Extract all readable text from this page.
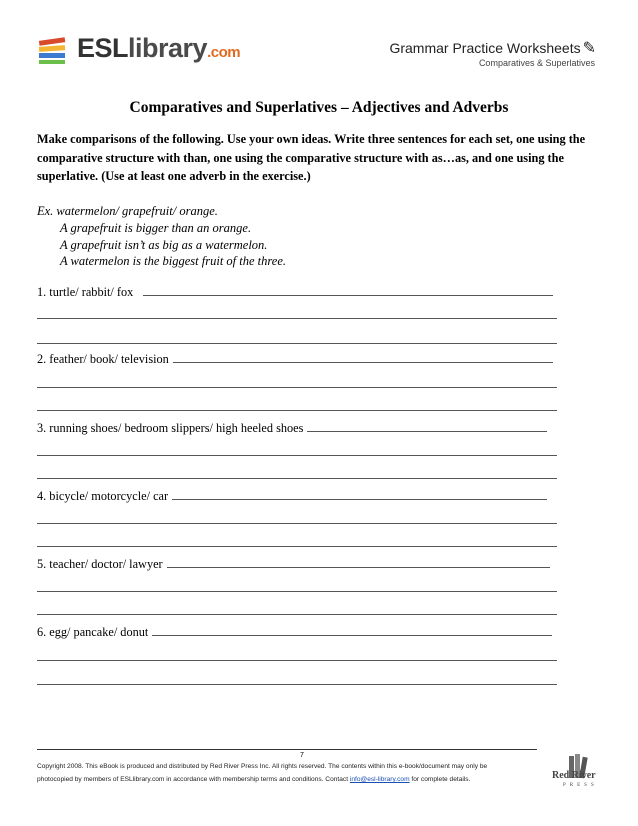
ESLlibrary.com	Grammar Practice Worksheets ✎
Comparatives & Superlatives
Comparatives and Superlatives – Adjectives and Adverbs
Make comparisons of the following. Use your own ideas. Write three sentences for each set, one using the comparative structure with than, one using the comparative structure with as…as, and one using the superlative. (Use at least one adverb in the exercise.)
Ex. watermelon/ grapefruit/ orange.
A grapefruit is bigger than an orange.
A grapefruit isn’t as big as a watermelon.
A watermelon is the biggest fruit of the three.
1. turtle/ rabbit/ fox
2. feather/ book/ television
3. running shoes/ bedroom slippers/ high heeled shoes
4. bicycle/ motorcycle/ car
5. teacher/ doctor/ lawyer
6. egg/ pancake/ donut
7
Copyright 2008. This eBook is produced and distributed by Red River Press Inc. All rights reserved. The contents within this e-book/document may only be
photocopied by members of ESLlibrary.com in accordance with membership terms and conditions. Contact info@esl-library.com for complete details.	Red River
PRESS
